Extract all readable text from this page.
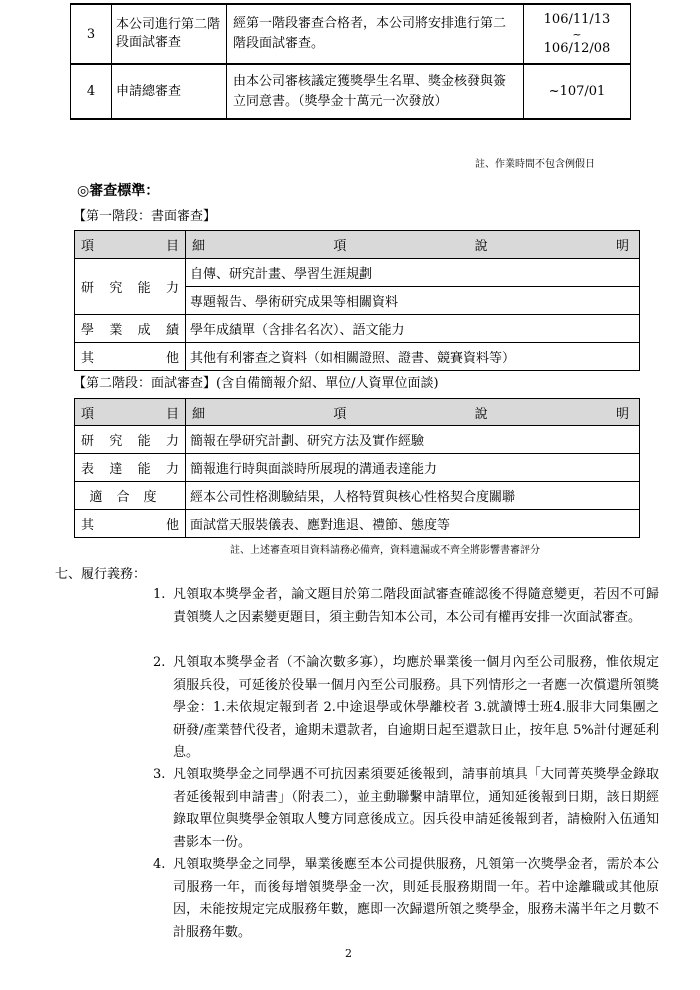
3	本公司進行第二階段面試審查	經第一階段審查合格者，本公司將安排進行第二階段面試審查。	106/11/13
~
106/12/08

4	申請總審查	由本公司審核議定獲獎學生名單、獎金核發與簽立同意書。（獎學金十萬元一次發放）	~107/01
註、作業時間不包含例假日
◎審查標準：
【第一階段：書面審查】
項 目	細 項 說 明

研究能力	自傳、研究計畫、學習生涯規劃
	專題報告、學術研究成果等相關資料
學業成績	學年成績單（含排名名次）、語文能力

其 他	其他有利審查之資料（如相關證照、證書、競賽資料等）
【第二階段：面試審查】(含自備簡報介紹、單位/人資單位面談)
項 目	細 項 說 明

研究能力	簡報在學研究計劃、研究方法及實作經驗
表達能力	簡報進行時與面談時所展現的溝通表達能力
適合度	經本公司性格測驗結果，人格特質與核心性格契合度關聯

其 他	面試當天服裝儀表、應對進退、禮節、態度等
註、上述審查項目資料請務必備齊，資料遺漏或不齊全將影響書審評分
七、履行義務：
1. 凡領取本獎學金者，論文題目於第二階段面試審查確認後不得隨意變更，若因不可歸責領獎人之因素變更題目，須主動告知本公司，本公司有權再安排一次面試審查。
2. 凡領取本獎學金者（不論次數多寡），均應於畢業後一個月內至公司服務，惟依規定須服兵役，可延後於役畢一個月內至公司服務。具下列情形之一者應一次償還所領獎學金：1.未依規定報到者 2.中途退學或休學離校者 3.就讀博士班4.服非大同集團之研發/產業替代役者，逾期未還款者，自逾期日起至還款日止，按年息 5%計付遲延利息。
3. 凡領取獎學金之同學遇不可抗因素須要延後報到，請事前填具「大同菁英獎學金錄取者延後報到申請書」（附表二），並主動聯繫申請單位，通知延後報到日期，該日期經錄取單位與獎學金領取人雙方同意後成立。因兵役申請延後報到者，請檢附入伍通知書影本一份。
4. 凡領取獎學金之同學，畢業後應至本公司提供服務，凡領第一次獎學金者，需於本公司服務一年，而後每增領獎學金一次，則延長服務期間一年。若中途離職或其他原因，未能按規定完成服務年數，應即一次歸還所領之獎學金，服務未滿半年之月數不計服務年數。
2
